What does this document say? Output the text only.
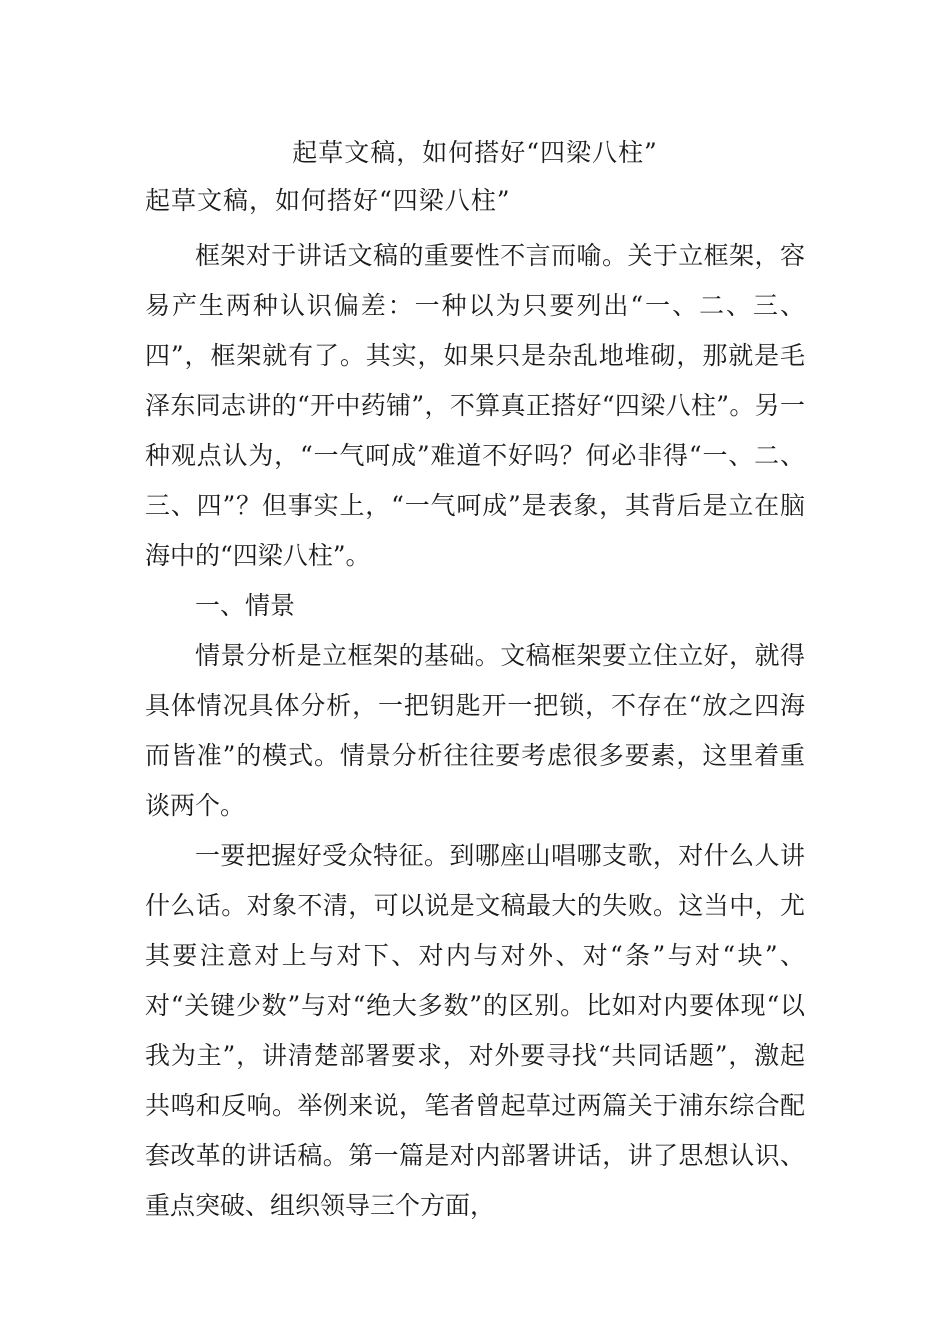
起草文稿，如何搭好“四梁八柱”
起草文稿，如何搭好“四梁八柱”

框架对于讲话文稿的重要性不言而喻。关于立框架，容易产生两种认识偏差：一种以为只要列出“一、二、三、四”，框架就有了。其实，如果只是杂乱地堆砌，那就是毛泽东同志讲的“开中药铺”，不算真正搭好“四梁八柱”。另一种观点认为，“一气呵成”难道不好吗？何必非得“一、二、三、四”？但事实上，“一气呵成”是表象，其背后是立在脑海中的“四梁八柱”。

一、情景

情景分析是立框架的基础。文稿框架要立住立好，就得具体情况具体分析，一把钥匙开一把锁，不存在“放之四海而皆准”的模式。情景分析往往要考虑很多要素，这里着重谈两个。

一要把握好受众特征。到哪座山唱哪支歌，对什么人讲什么话。对象不清，可以说是文稿最大的失败。这当中，尤其要注意对上与对下、对内与对外、对“条”与对“块”、对“关键少数”与对“绝大多数”的区别。比如对内要体现“以我为主”，讲清楚部署要求，对外要寻找“共同话题”，激起共鸣和反响。举例来说，笔者曾起草过两篇关于浦东综合配套改革的讲话稿。第一篇是对内部署讲话，讲了思想认识、重点突破、组织领导三个方面，
